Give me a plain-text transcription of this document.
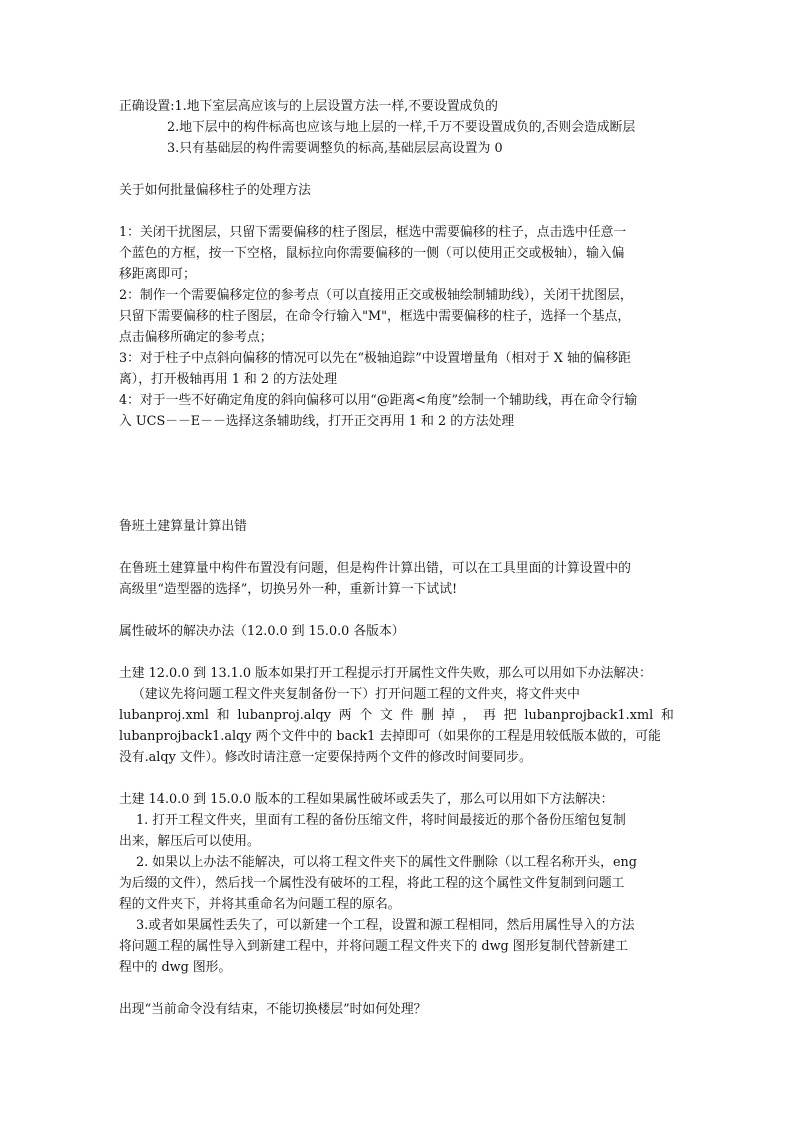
正确设置:1.地下室层高应该与的上层设置方法一样,不要设置成负的
2.地下层中的构件标高也应该与地上层的一样,千万不要设置成负的,否则会造成断层
3.只有基础层的构件需要调整负的标高,基础层层高设置为 0
关于如何批量偏移柱子的处理方法
1：关闭干扰图层，只留下需要偏移的柱子图层，框选中需要偏移的柱子，点击选中任意一
个蓝色的方框，按一下空格，鼠标拉向你需要偏移的一侧（可以使用正交或极轴），输入偏
移距离即可；
2：制作一个需要偏移定位的参考点（可以直接用正交或极轴绘制辅助线），关闭干扰图层，
只留下需要偏移的柱子图层，在命令行输入"M"，框选中需要偏移的柱子，选择一个基点，
点击偏移所确定的参考点；
3：对于柱子中点斜向偏移的情况可以先在“极轴追踪”中设置增量角（相对于 X 轴的偏移距
离），打开极轴再用 1 和 2 的方法处理
4：对于一些不好确定角度的斜向偏移可以用“@距离<角度”绘制一个辅助线，再在命令行输
入 UCS－－E－－选择这条辅助线，打开正交再用 1 和 2 的方法处理
鲁班土建算量计算出错
在鲁班土建算量中构件布置没有问题，但是构件计算出错，可以在工具里面的计算设置中的
高级里“造型器的选择”，切换另外一种，重新计算一下试试!
属性破坏的解决办法（12.0.0 到 15.0.0 各版本）
土建 12.0.0 到 13.1.0 版本如果打开工程提示打开属性文件失败，那么可以用如下办法解决：
（建议先将问题工程文件夹复制备份一下）打开问题工程的文件夹，将文件夹中
lubanproj.xml 和 lubanproj.alqy 两 个 文 件 删 掉 ， 再 把 lubanprojback1.xml 和
lubanprojback1.alqy 两个文件中的 back1 去掉即可（如果你的工程是用较低版本做的，可能
没有.alqy 文件）。修改时请注意一定要保持两个文件的修改时间要同步。
土建 14.0.0 到 15.0.0 版本的工程如果属性破坏或丢失了，那么可以用如下方法解决：
1. 打开工程文件夹，里面有工程的备份压缩文件，将时间最接近的那个备份压缩包复制
出来，解压后可以使用。
2. 如果以上办法不能解决，可以将工程文件夹下的属性文件删除（以工程名称开头，eng
为后缀的文件），然后找一个属性没有破坏的工程，将此工程的这个属性文件复制到问题工
程的文件夹下，并将其重命名为问题工程的原名。
3.或者如果属性丢失了，可以新建一个工程，设置和源工程相同，然后用属性导入的方法
将问题工程的属性导入到新建工程中，并将问题工程文件夹下的 dwg 图形复制代替新建工
程中的 dwg 图形。
出现“当前命令没有结束，不能切换楼层”时如何处理？
